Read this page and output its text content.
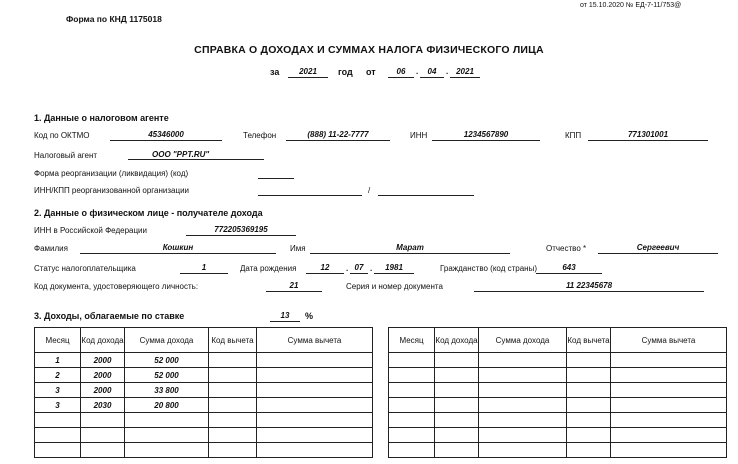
от 15.10.2020 № ЕД-7-11/753@
Форма по КНД 1175018
СПРАВКА О ДОХОДАХ И СУММАХ НАЛОГА ФИЗИЧЕСКОГО ЛИЦА
за	2021	год от	06	.	04	. 2021
1. Данные о налоговом агенте
Код по ОКТМО	45346000	Телефон	(888) 11-22-7777	ИНН	1234567890	КПП	771301001
Налоговый агент	ООО "PPT.RU"
Форма реорганизации (ликвидация) (код)
ИНН/КПП реорганизованной организации	/
2. Данные о физическом лице - получателе дохода
ИНН в Российской Федерации	772205369195
Фамилия	Кошкин	Имя	Марат	Отчество *	Сергеевич
Статус налогоплательщика	1	Дата рождения	12	. 07 .	1981	Гражданство (код страны)	643
Код документа, удостоверяющего личность:	21	Серия и номер документа	11 22345678
3. Доходы, облагаемые по ставке	13	%
Месяц	Код дохода	Сумма дохода	Код вычета	Сумма вычета
1	2000	52 000		
2	2000	52 000		
3	2000	33 800		
3	2030	20 800		

Месяц	Код дохода	Сумма дохода	Код вычета	Сумма вычета
